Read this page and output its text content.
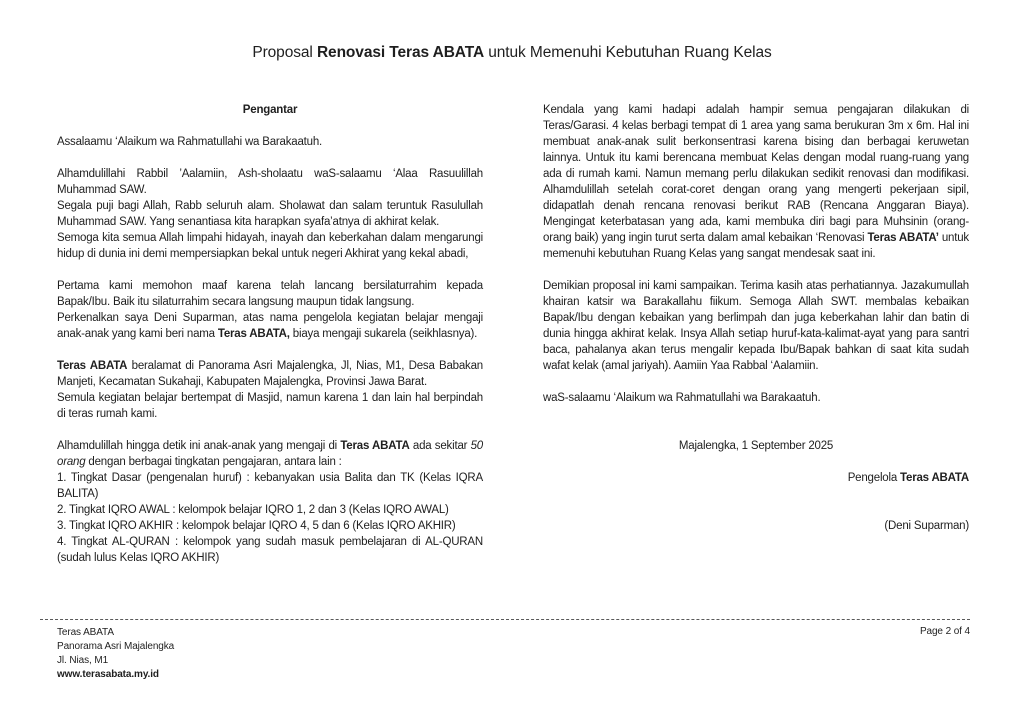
Proposal Renovasi Teras ABATA untuk Memenuhi Kebutuhan Ruang Kelas

Pengantar

Assalaamu ‘Alaikum wa Rahmatullahi wa Barakaatuh.

Alhamdulillahi Rabbil ’Aalamiin, Ash-sholaatu waS-salaamu ‘Alaa Rasuulillah Muhammad SAW.

Segala puji bagi Allah, Rabb seluruh alam. Sholawat dan salam teruntuk Rasulullah Muhammad SAW. Yang senantiasa kita harapkan syafa’atnya di akhirat kelak.

Semoga kita semua Allah limpahi hidayah, inayah dan keberkahan dalam mengarungi hidup di dunia ini demi mempersiapkan bekal untuk negeri Akhirat yang kekal abadi,

Pertama kami memohon maaf karena telah lancang bersilaturrahim kepada Bapak/Ibu. Baik itu silaturrahim secara langsung maupun tidak langsung.

Perkenalkan saya Deni Suparman, atas nama pengelola kegiatan belajar mengaji anak-anak yang kami beri nama Teras ABATA, biaya mengaji sukarela (seikhlasnya).

Teras ABATA beralamat di Panorama Asri Majalengka, Jl, Nias, M1, Desa Babakan Manjeti, Kecamatan Sukahaji, Kabupaten Majalengka, Provinsi Jawa Barat.

Semula kegiatan belajar bertempat di Masjid, namun karena 1 dan lain hal berpindah di teras rumah kami.

Alhamdulillah hingga detik ini anak-anak yang mengaji di Teras ABATA ada sekitar 50 orang dengan berbagai tingkatan pengajaran, antara lain :

1. Tingkat Dasar (pengenalan huruf) : kebanyakan usia Balita dan TK (Kelas IQRA BALITA)

2. Tingkat IQRO AWAL : kelompok belajar IQRO 1, 2 dan 3 (Kelas IQRO AWAL)

3. Tingkat IQRO AKHIR : kelompok belajar IQRO 4, 5 dan 6 (Kelas IQRO AKHIR)

4. Tingkat AL-QURAN : kelompok yang sudah masuk pembelajaran di AL-QURAN (sudah lulus Kelas IQRO AKHIR)

Kendala yang kami hadapi adalah hampir semua pengajaran dilakukan di Teras/Garasi. 4 kelas berbagi tempat di 1 area yang sama berukuran 3m x 6m. Hal ini membuat anak-anak sulit berkonsentrasi karena bising dan berbagai keruwetan lainnya. Untuk itu kami berencana membuat Kelas dengan modal ruang-ruang yang ada di rumah kami. Namun memang perlu dilakukan sedikit renovasi dan modifikasi. Alhamdulillah setelah corat-coret dengan orang yang mengerti pekerjaan sipil, didapatlah denah rencana renovasi berikut RAB (Rencana Anggaran Biaya). Mengingat keterbatasan yang ada, kami membuka diri bagi para Muhsinin (orang-orang baik) yang ingin turut serta dalam amal kebaikan ‘Renovasi Teras ABATA’ untuk memenuhi kebutuhan Ruang Kelas yang sangat mendesak saat ini.

Demikian proposal ini kami sampaikan. Terima kasih atas perhatiannya. Jazakumullah khairan katsir wa Barakallahu fiikum. Semoga Allah SWT. membalas kebaikan Bapak/Ibu dengan kebaikan yang berlimpah dan juga keberkahan lahir dan batin di dunia hingga akhirat kelak. Insya Allah setiap huruf-kata-kalimat-ayat yang para santri baca, pahalanya akan terus mengalir kepada Ibu/Bapak bahkan di saat kita sudah wafat kelak (amal jariyah). Aamiin Yaa Rabbal ‘Aalamiin.

waS-salaamu ‘Alaikum wa Rahmatullahi wa Barakaatuh.

Majalengka, 1 September 2025

Pengelola Teras ABATA

(Deni Suparman)

Teras ABATA

Panorama Asri Majalengka

Jl. Nias, M1

www.terasabata.my.id

Page 2 of 4
